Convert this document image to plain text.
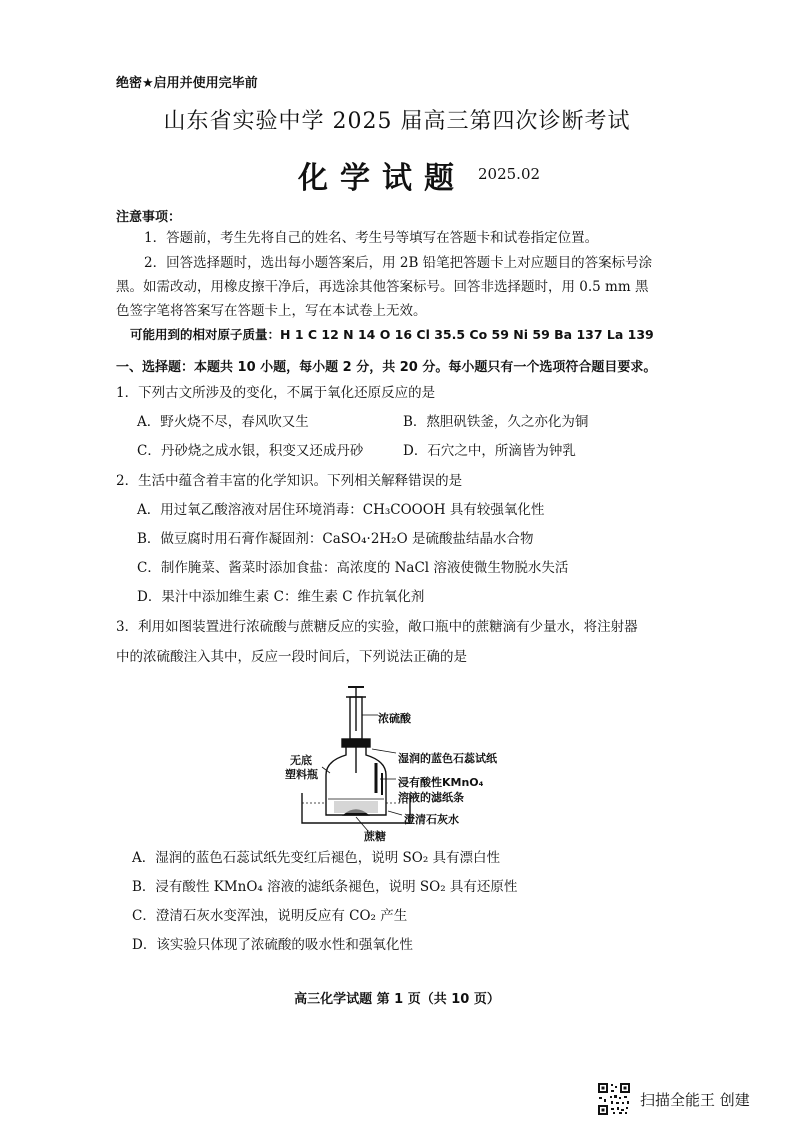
绝密★启用并使用完毕前
山东省实验中学 2025 届高三第四次诊断考试
化学试题 2025.02
注意事项：
1．答题前，考生先将自己的姓名、考生号等填写在答题卡和试卷指定位置。
2．回答选择题时，选出每小题答案后，用 2B 铅笔把答题卡上对应题目的答案标号涂
黑。如需改动，用橡皮擦干净后，再选涂其他答案标号。回答非选择题时，用 0.5 mm 黑
色签字笔将答案写在答题卡上，写在本试卷上无效。
可能用到的相对原子质量：H 1 C 12 N 14 O 16 Cl 35.5 Co 59 Ni 59 Ba 137 La 139
一、选择题：本题共 10 小题，每小题 2 分，共 20 分。每小题只有一个选项符合题目要求。
1．下列古文所涉及的变化，不属于氧化还原反应的是
A．野火烧不尽，春风吹又生	B．熬胆矾铁釜，久之亦化为铜
C．丹砂烧之成水银，积变又还成丹砂	D．石穴之中，所滴皆为钟乳
2．生活中蕴含着丰富的化学知识。下列相关解释错误的是
A．用过氧乙酸溶液对居住环境消毒：CH₃COOOH 具有较强氧化性
B．做豆腐时用石膏作凝固剂：CaSO₄·2H₂O 是硫酸盐结晶水合物
C．制作腌菜、酱菜时添加食盐：高浓度的 NaCl 溶液使微生物脱水失活
D．果汁中添加维生素 C：维生素 C 作抗氧化剂
3．利用如图装置进行浓硫酸与蔗糖反应的实验，敞口瓶中的蔗糖滴有少量水，将注射器
中的浓硫酸注入其中，反应一段时间后，下列说法正确的是
浓硫酸
无底
塑料瓶
湿润的蓝色石蕊试纸
浸有酸性KMnO₄
溶液的滤纸条
澄清石灰水
蔗糖
A．湿润的蓝色石蕊试纸先变红后褪色，说明 SO₂ 具有漂白性
B．浸有酸性 KMnO₄ 溶液的滤纸条褪色，说明 SO₂ 具有还原性
C．澄清石灰水变浑浊，说明反应有 CO₂ 产生
D．该实验只体现了浓硫酸的吸水性和强氧化性
高三化学试题 第 1 页（共 10 页）
扫描全能王 创建
